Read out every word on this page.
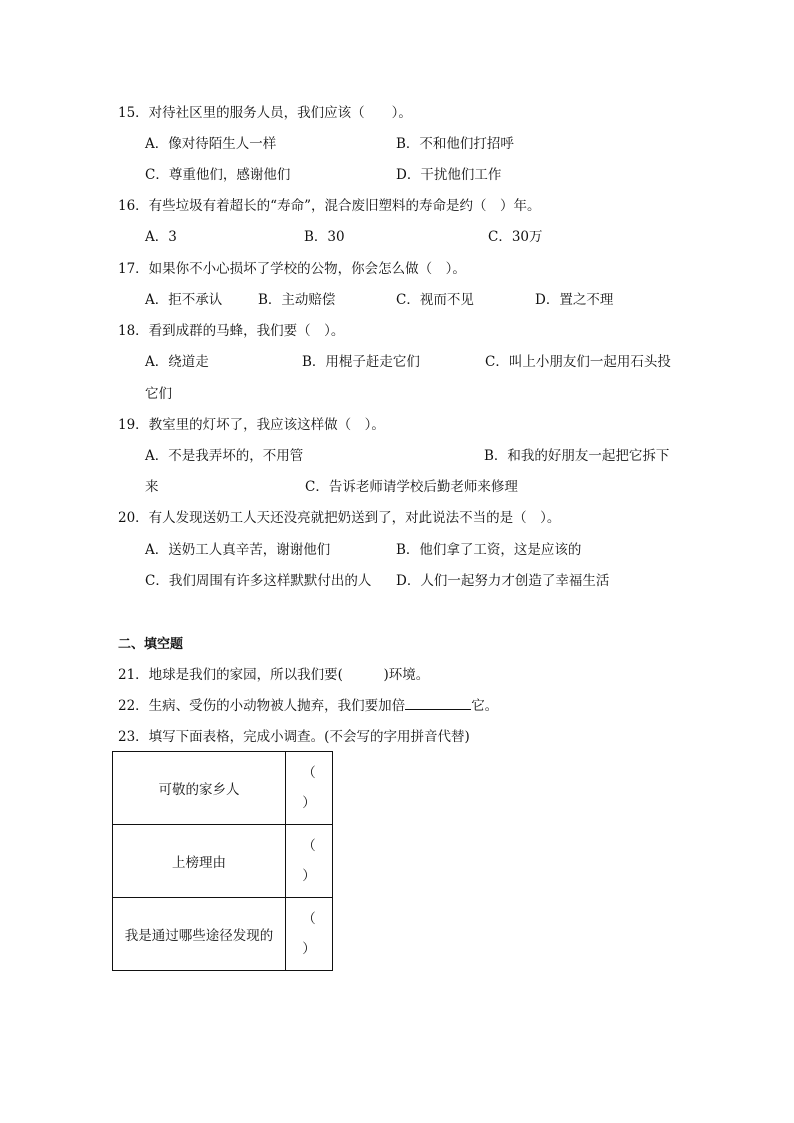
15．对待社区里的服务人员，我们应该（　　）。
A．像对待陌生人一样	B．不和他们打招呼
C．尊重他们，感谢他们	D．干扰他们工作
16．有些垃圾有着超长的“寿命”，混合废旧塑料的寿命是约（　）年。
A．3	B．30	C．30万
17．如果你不小心损坏了学校的公物，你会怎么做（　）。
A．拒不承认	B．主动赔偿	C．视而不见	D．置之不理
18．看到成群的马蜂，我们要（　）。
A．绕道走	B．用棍子赶走它们	C．叫上小朋友们一起用石头投
它们
19．教室里的灯坏了，我应该这样做（　）。
A．不是我弄坏的，不用管	B．和我的好朋友一起把它拆下
来	C．告诉老师请学校后勤老师来修理
20．有人发现送奶工人天还没亮就把奶送到了，对此说法不当的是（　）。
A．送奶工人真辛苦，谢谢他们	B．他们拿了工资，这是应该的
C．我们周围有许多这样默默付出的人 D．人们一起努力才创造了幸福生活
二、填空题
21．地球是我们的家园，所以我们要(　　　)环境。
22．生病、受伤的小动物被人抛弃，我们要加倍	它。
23．填写下面表格，完成小调查。(不会写的字用拼音代替)
可敬的家乡人	（
）

上榜理由	（
）

我是通过哪些途径发现的	（
）
